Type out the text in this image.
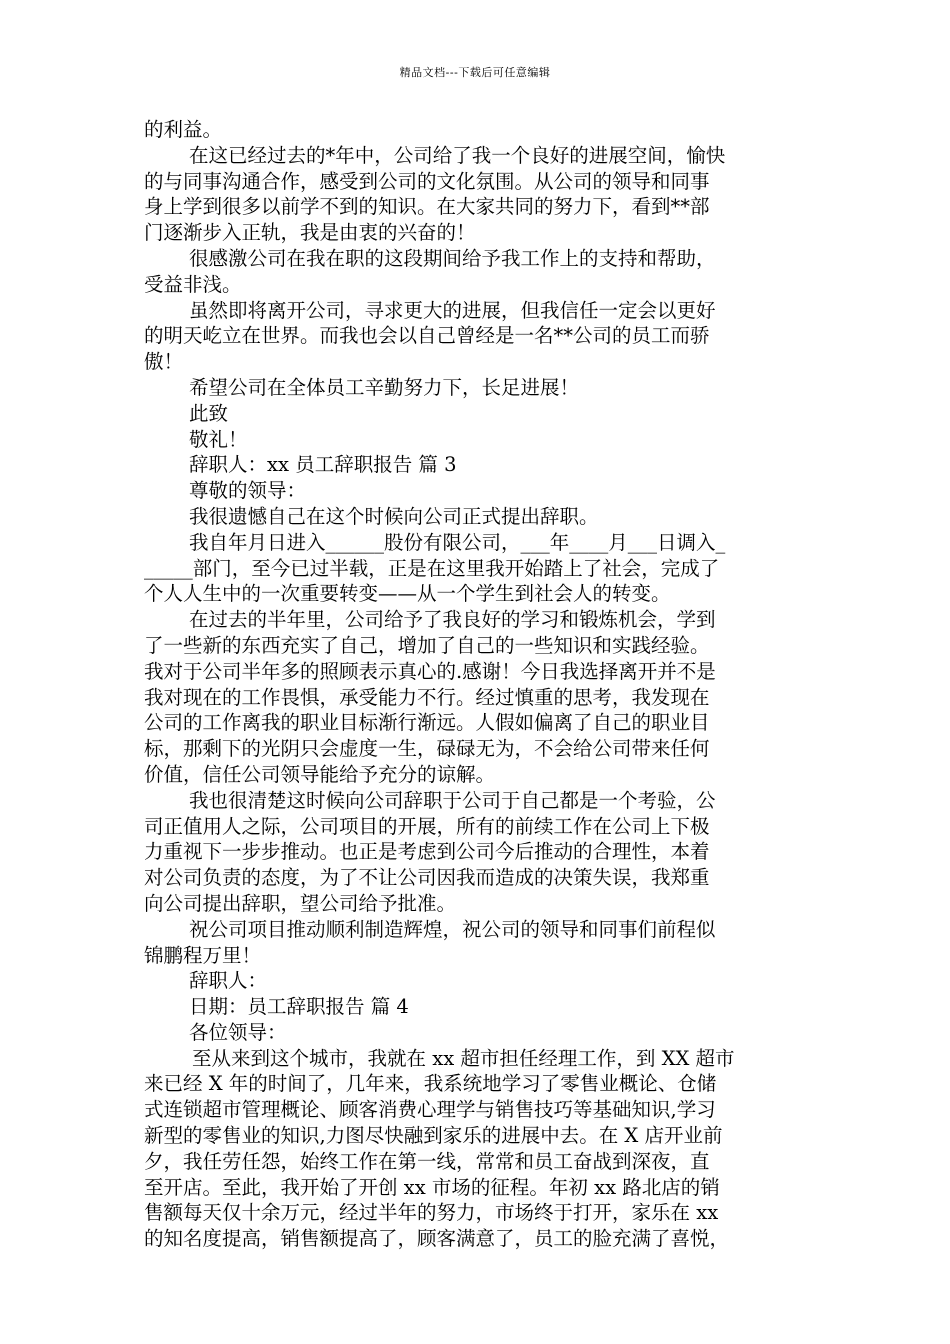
精品文档---下载后可任意编辑
的利益。
在这已经过去的*年中，公司给了我一个良好的进展空间，愉快
的与同事沟通合作，感受到公司的文化氛围。从公司的领导和同事
身上学到很多以前学不到的知识。在大家共同的努力下，看到**部
门逐渐步入正轨，我是由衷的兴奋的！
很感激公司在我在职的这段期间给予我工作上的支持和帮助，
受益非浅。
虽然即将离开公司，寻求更大的进展，但我信任一定会以更好
的明天屹立在世界。而我也会以自己曾经是一名**公司的员工而骄
傲！
希望公司在全体员工辛勤努力下，长足进展！
此致
敬礼！
辞职人：xx 员工辞职报告 篇 3
尊敬的领导：
我很遗憾自己在这个时候向公司正式提出辞职。
我自年月日进入______股份有限公司，___年____月___日调入_
_____部门，至今已过半载，正是在这里我开始踏上了社会，完成了
个人人生中的一次重要转变——从一个学生到社会人的转变。
在过去的半年里，公司给予了我良好的学习和锻炼机会，学到
了一些新的东西充实了自己，增加了自己的一些知识和实践经验。
我对于公司半年多的照顾表示真心的.感谢！今日我选择离开并不是
我对现在的工作畏惧，承受能力不行。经过慎重的思考，我发现在
公司的工作离我的职业目标渐行渐远。人假如偏离了自己的职业目
标，那剩下的光阴只会虚度一生，碌碌无为，不会给公司带来任何
价值，信任公司领导能给予充分的谅解。
我也很清楚这时候向公司辞职于公司于自己都是一个考验，公
司正值用人之际，公司项目的开展，所有的前续工作在公司上下极
力重视下一步步推动。也正是考虑到公司今后推动的合理性，本着
对公司负责的态度，为了不让公司因我而造成的决策失误，我郑重
向公司提出辞职，望公司给予批准。
祝公司项目推动顺利制造辉煌，祝公司的领导和同事们前程似
锦鹏程万里！
辞职人：
日期：员工辞职报告 篇 4
各位领导：
至从来到这个城市，我就在 xx 超市担任经理工作，到 XX 超市
来已经 X 年的时间了，几年来，我系统地学习了零售业概论、仓储
式连锁超市管理概论、顾客消费心理学与销售技巧等基础知识,学习
新型的零售业的知识,力图尽快融到家乐的进展中去。在 X 店开业前
夕，我任劳任怨，始终工作在第一线，常常和员工奋战到深夜，直
至开店。至此，我开始了开创 xx 市场的征程。年初 xx 路北店的销
售额每天仅十余万元，经过半年的努力，市场终于打开，家乐在 xx
的知名度提高，销售额提高了，顾客满意了，员工的脸充满了喜悦，
